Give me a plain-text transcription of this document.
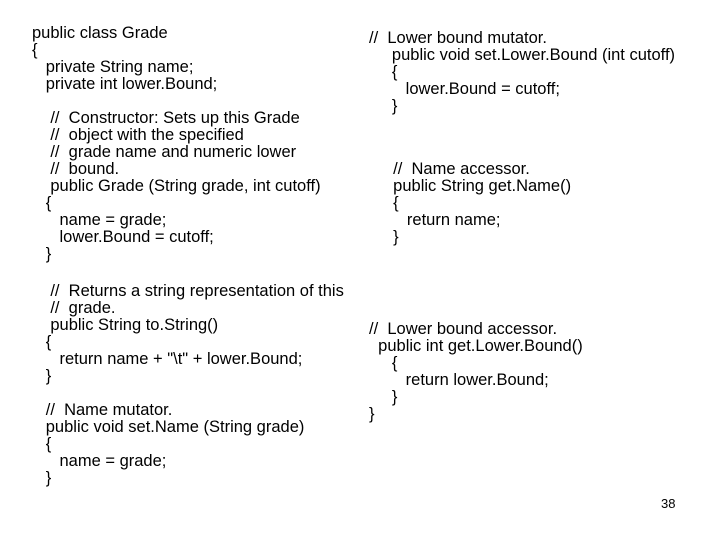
public class Grade
{
private String name;
private int lower.Bound;
//  Constructor: Sets up this Grade
//  object with the specified
//  grade name and numeric lower
//  bound.
public Grade (String grade, int cutoff)
{
name = grade;
lower.Bound = cutoff;
}
//  Returns a string representation of this
//  grade.
public String to.String()
{
return name + "\t" + lower.Bound;
}
//  Name mutator.
public void set.Name (String grade)
{
name = grade;
}
//  Lower bound mutator.
public void set.Lower.Bound (int cutoff)
{
lower.Bound = cutoff;
}
//  Name accessor.
public String get.Name()
{
return name;
}
//  Lower bound accessor.
public int get.Lower.Bound()
{
return lower.Bound;
}
}
38
